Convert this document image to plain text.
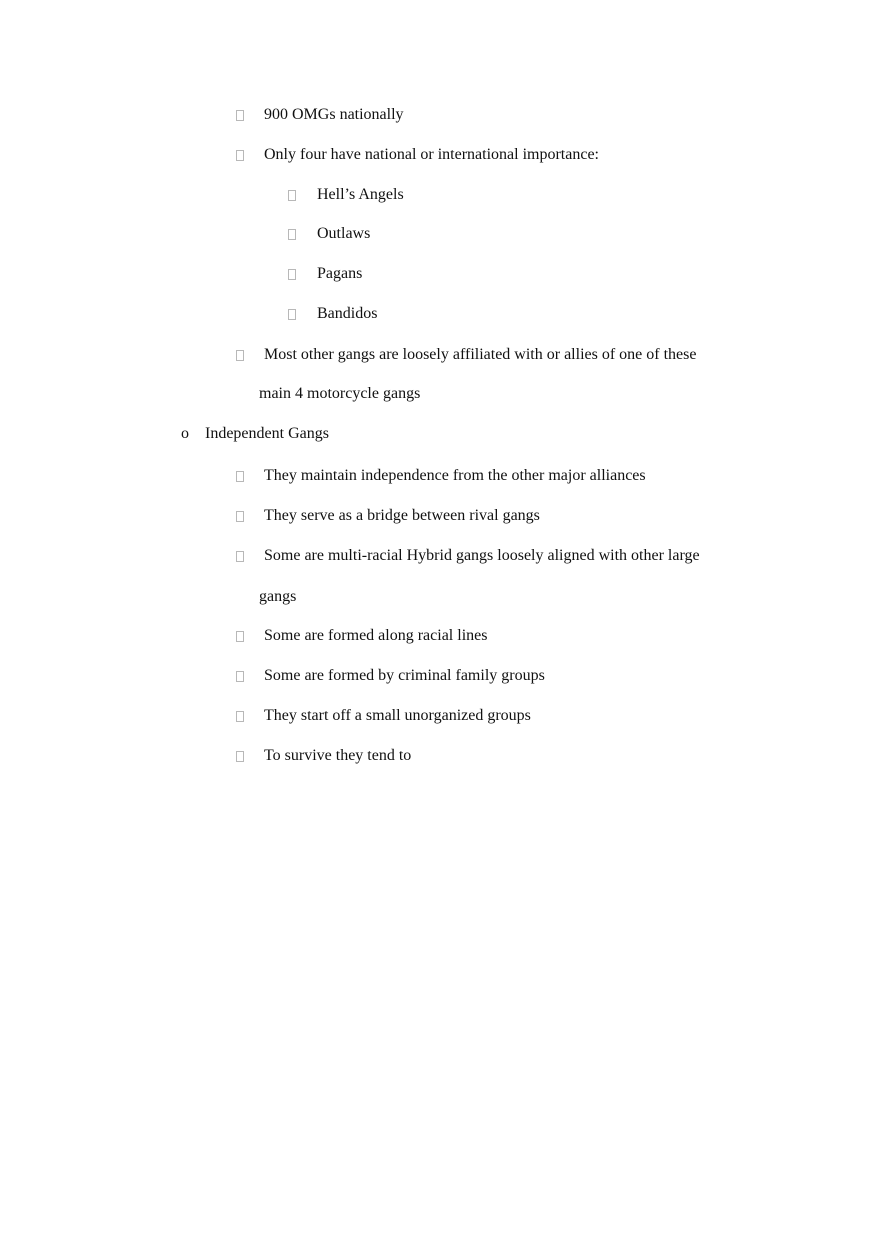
900 OMGs nationally
Only four have national or international importance:
Hell’s Angels
Outlaws
Pagans
Bandidos
Most other gangs are loosely affiliated with or allies of one of these
main 4 motorcycle gangs
o Independent Gangs
They maintain independence from the other major alliances
They serve as a bridge between rival gangs
Some are multi-racial Hybrid gangs loosely aligned with other large
gangs
Some are formed along racial lines
Some are formed by criminal family groups
They start off a small unorganized groups
To survive they tend to
